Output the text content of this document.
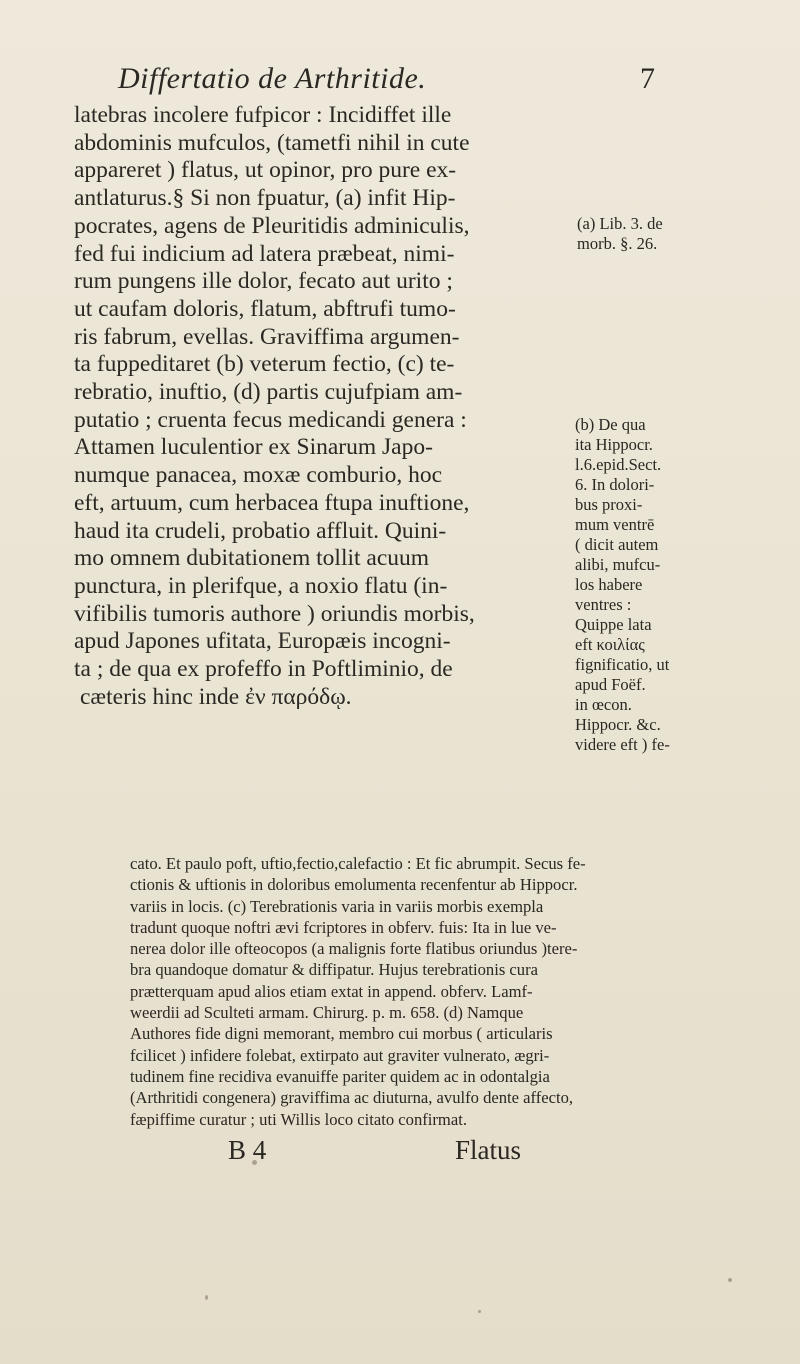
Differtatio de Arthritide.	7
latebras incolere fufpicor : Incidiffet ille
abdominis mufculos, (tametfi nihil in cute
appareret ) flatus, ut opinor, pro pure ex-
antlaturus.§ Si non fpuatur, (a) infit Hip-
pocrates, agens de Pleuritidis adminiculis,
fed fui indicium ad latera præbeat, nimi-
rum pungens ille dolor, fecato aut urito ;
ut caufam doloris, flatum, abftrufi tumo-
ris fabrum, evellas. Graviffima argumen-
ta fuppeditaret (b) veterum fectio, (c) te-
rebratio, inuftio, (d) partis cujufpiam am-
putatio ; cruenta fecus medicandi genera :
Attamen luculentior ex Sinarum Japo-
numque panacea, moxæ comburio, hoc
eft, artuum, cum herbacea ftupa inuftione,
haud ita crudeli, probatio affluit. Quini-
mo omnem dubitationem tollit acuum
punctura, in plerifque, a noxio flatu (in-
vifibilis tumoris authore ) oriundis morbis,
apud Japones ufitata, Europæis incogni-
ta ; de qua ex profeffo in Poftliminio, de
cæteris hinc inde ἐν παρόδῳ.
(a) Lib. 3. de
morb. §. 26.
(b) De qua
ita Hippocr.
l.6.epid.Sect.
6. In dolori-
bus proxi-
mum ventrē
( dicit autem
alibi, mufcu-
los habere
ventres :
Quippe lata
eft κοιλίας
fignificatio, ut
apud Foëf.
in œcon.
Hippocr. &c.
videre eft ) fe-
cato. Et paulo poft, uftio,fectio,calefactio : Et fic abrumpit. Secus fe-
ctionis & uftionis in doloribus emolumenta recenfentur ab Hippocr.
variis in locis. (c) Terebrationis varia in variis morbis exempla
tradunt quoque noftri ævi fcriptores in obferv. fuis: Ita in lue ve-
nerea dolor ille ofteocopos (a malignis forte flatibus oriundus )tere-
bra quandoque domatur & diffipatur. Hujus terebrationis cura
prætterquam apud alios etiam extat in append. obferv. Lamf-
weerdii ad Sculteti armam. Chirurg. p. m. 658. (d) Namque
Authores fide digni memorant, membro cui morbus ( articularis
fcilicet ) infidere folebat, extirpato aut graviter vulnerato, ægri-
tudinem fine recidiva evanuiffe pariter quidem ac in odontalgia
(Arthritidi congenera) graviffima ac diuturna, avulfo dente affecto,
fæpiffime curatur ; uti Willis loco citato confirmat.
B 4	Flatus
